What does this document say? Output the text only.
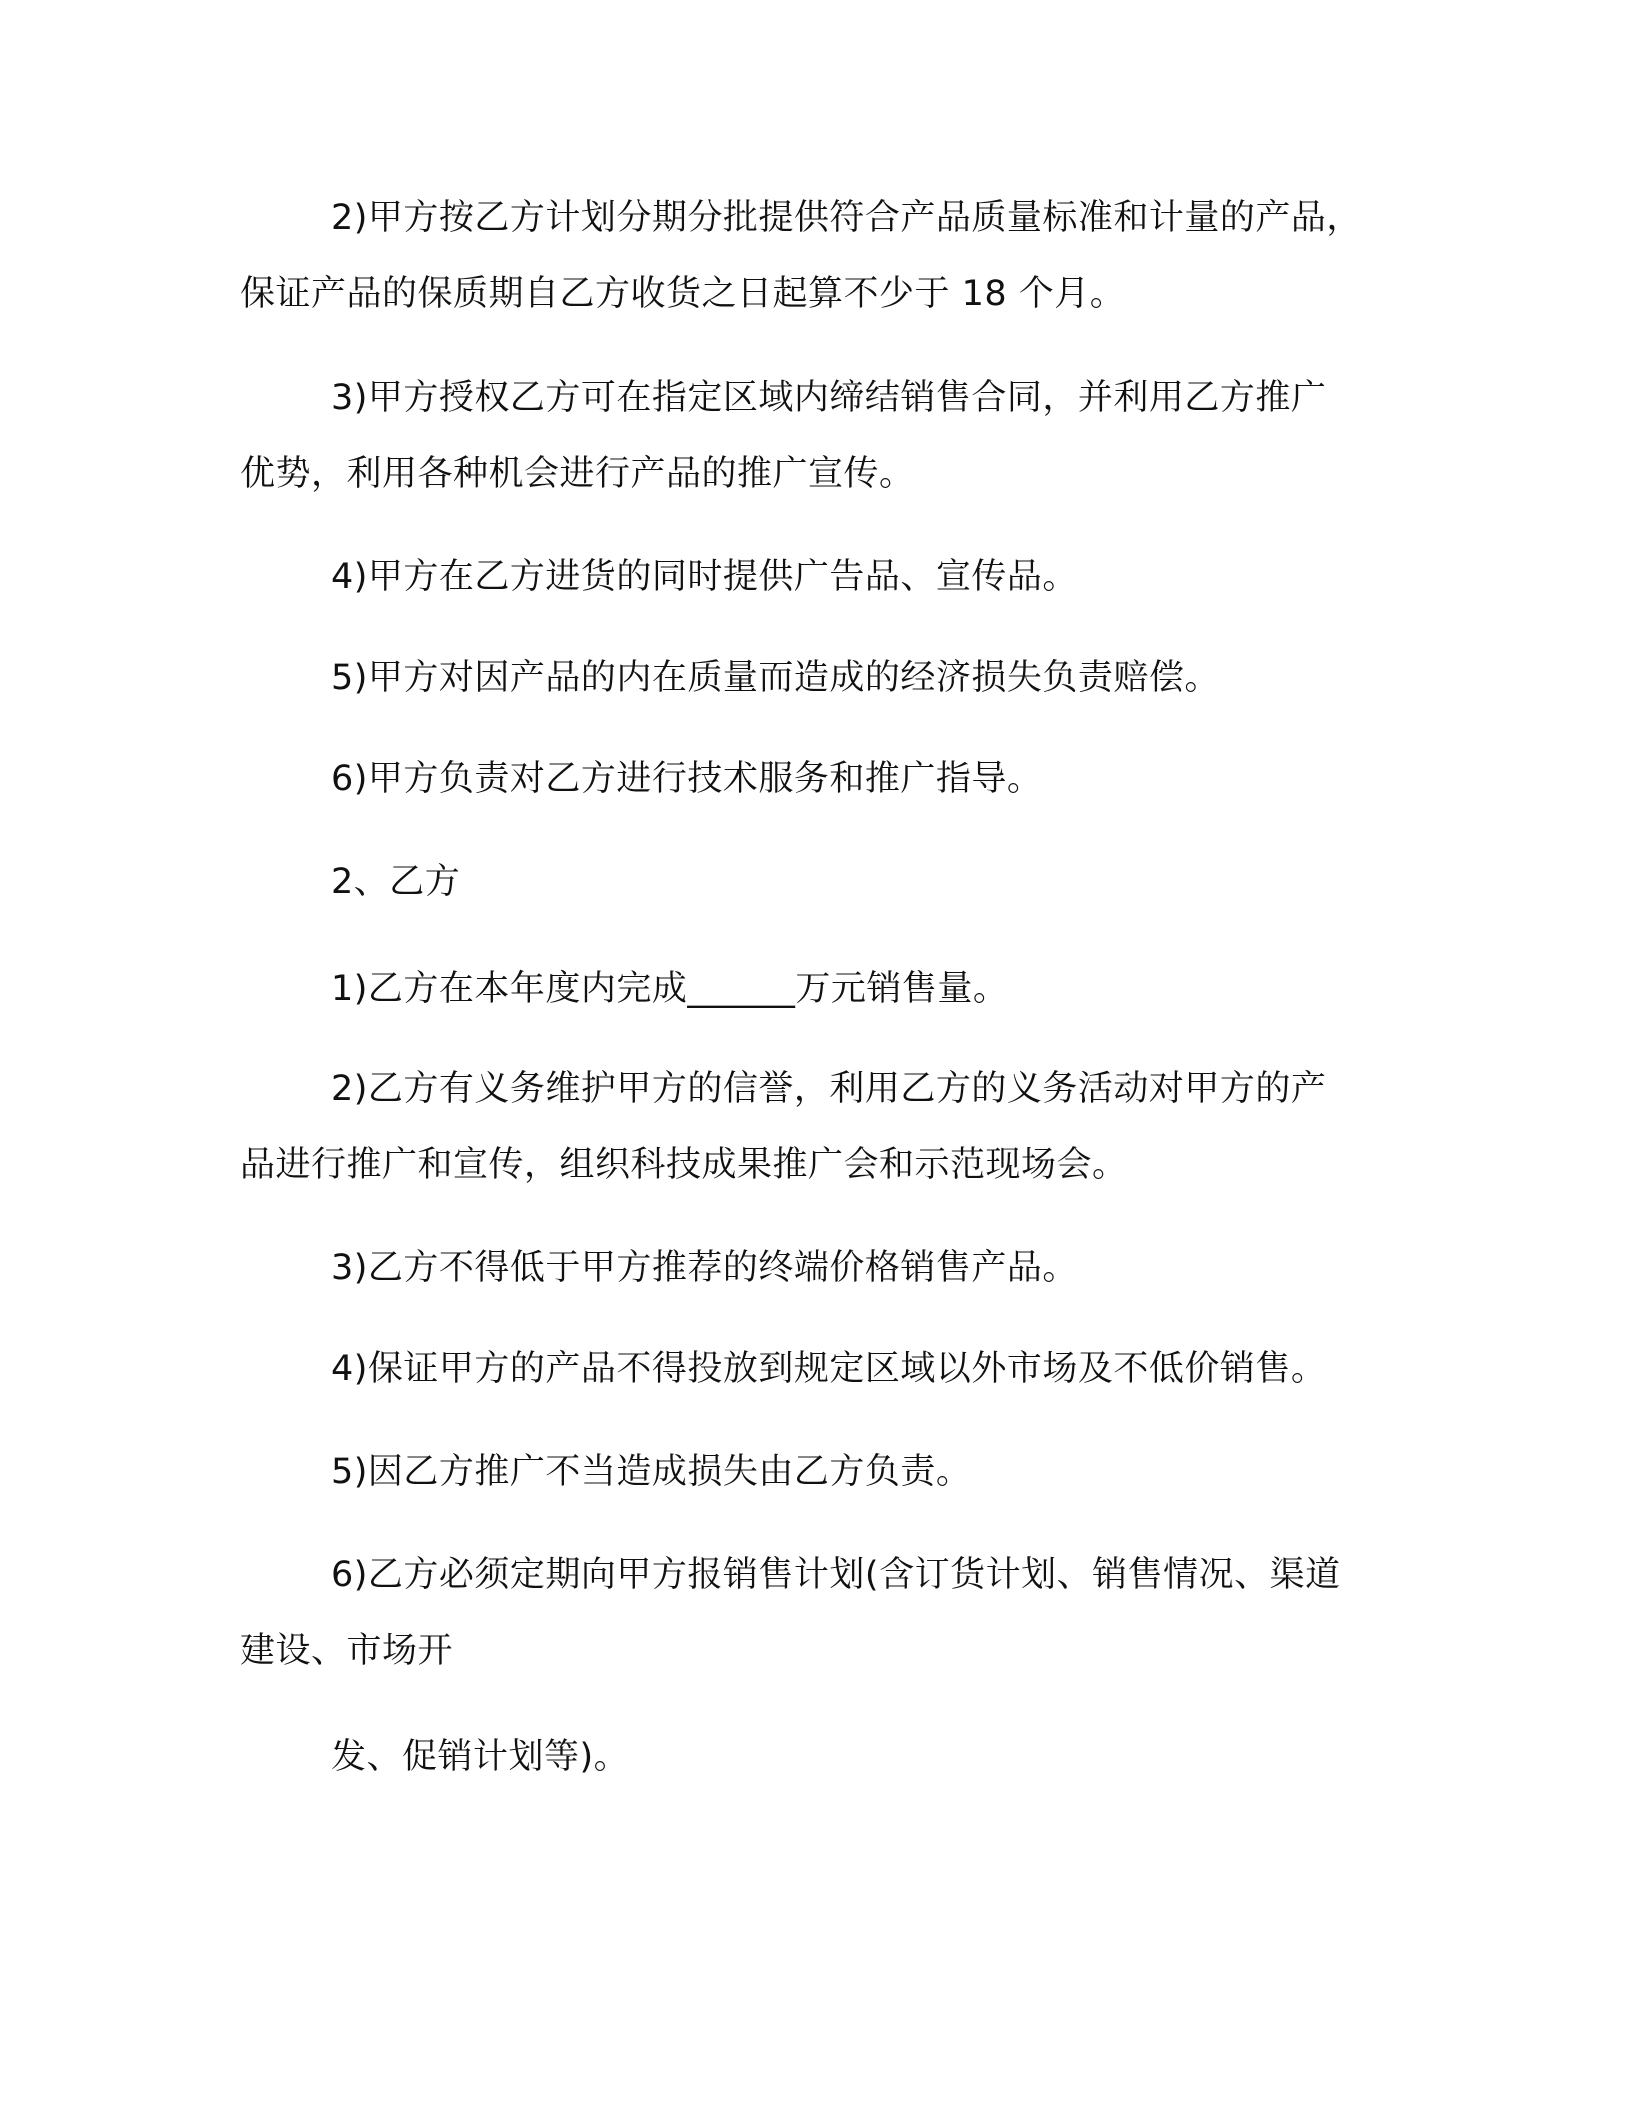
2)甲方按乙方计划分期分批提供符合产品质量标准和计量的产品，
保证产品的保质期自乙方收货之日起算不少于 18 个月。
3)甲方授权乙方可在指定区域内缔结销售合同，并利用乙方推广
优势，利用各种机会进行产品的推广宣传。
4)甲方在乙方进货的同时提供广告品、宣传品。
5)甲方对因产品的内在质量而造成的经济损失负责赔偿。
6)甲方负责对乙方进行技术服务和推广指导。
2、乙方
1)乙方在本年度内完成______万元销售量。
2)乙方有义务维护甲方的信誉，利用乙方的义务活动对甲方的产
品进行推广和宣传，组织科技成果推广会和示范现场会。
3)乙方不得低于甲方推荐的终端价格销售产品。
4)保证甲方的产品不得投放到规定区域以外市场及不低价销售。
5)因乙方推广不当造成损失由乙方负责。
6)乙方必须定期向甲方报销售计划(含订货计划、销售情况、渠道
建设、市场开
发、促销计划等)。
